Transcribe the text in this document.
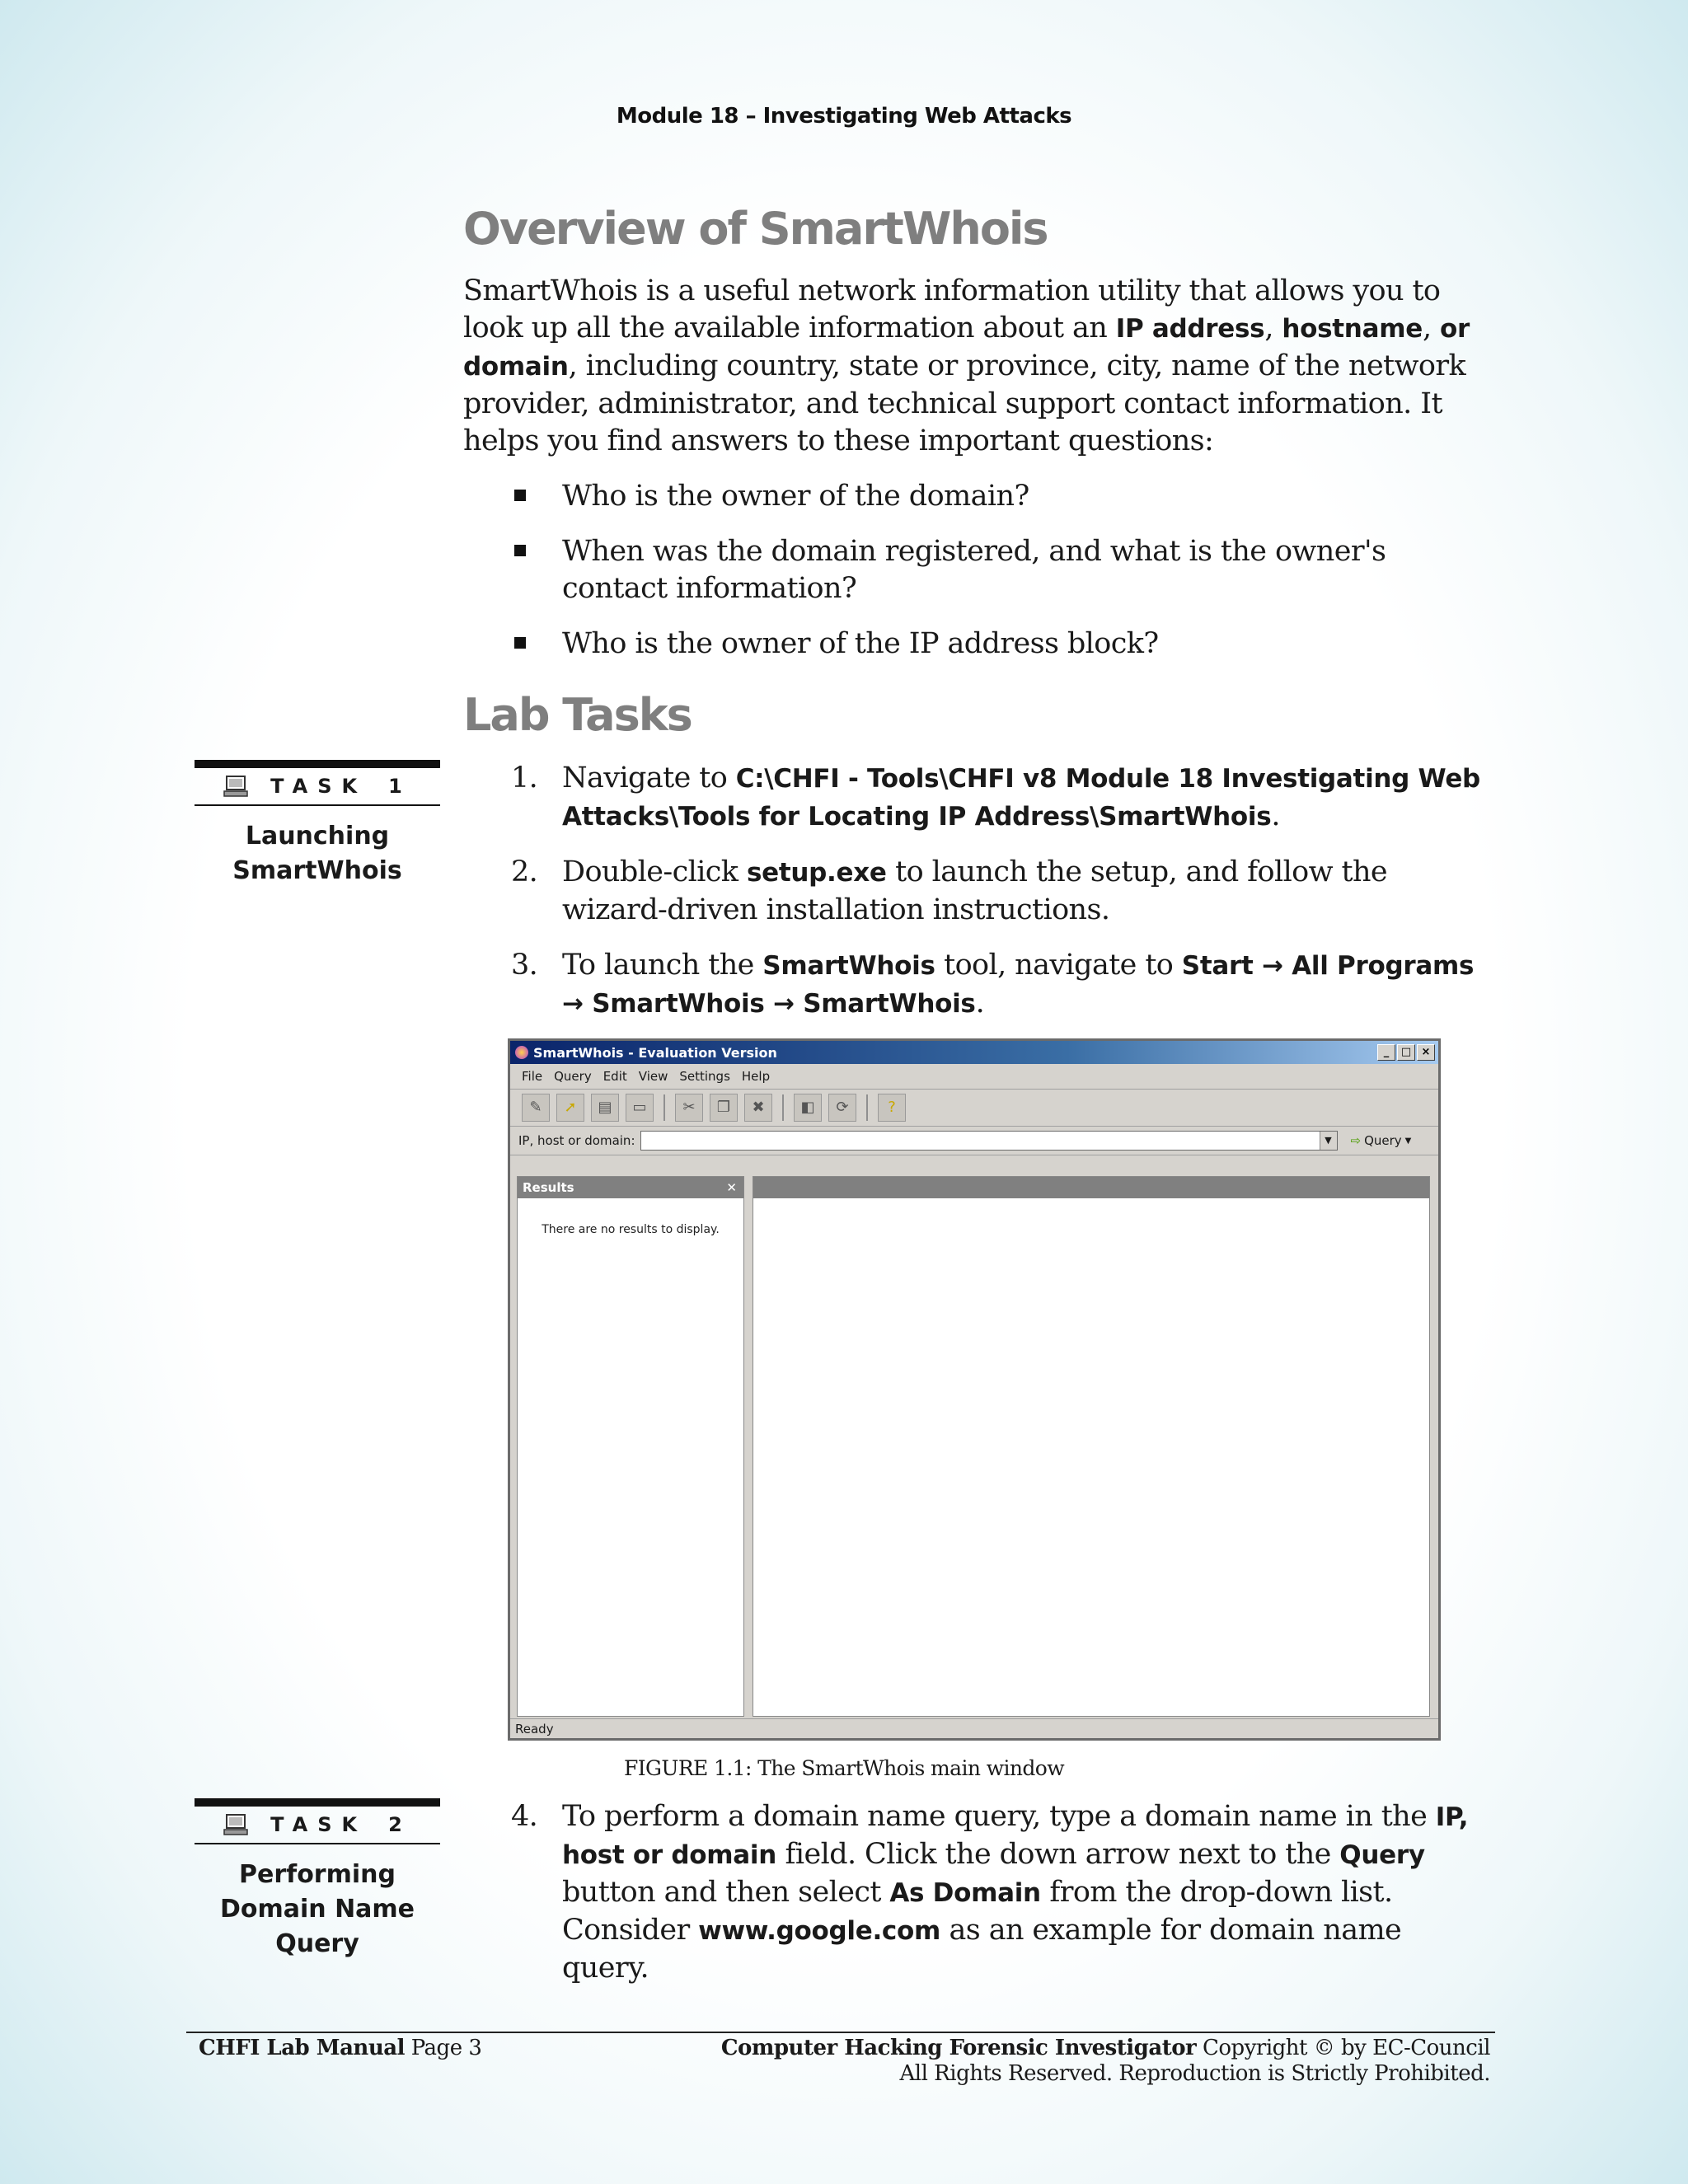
Module 18 – Investigating Web Attacks
Overview of SmartWhois
SmartWhois is a useful network information utility that allows you to look up all the available information about an IP address, hostname, or domain, including country, state or province, city, name of the network provider, administrator, and technical support contact information. It helps you find answers to these important questions:
Who is the owner of the domain?
When was the domain registered, and what is the owner's contact information?
Who is the owner of the IP address block?
Lab Tasks
TASK 1
Launching SmartWhois
1. Navigate to C:\CHFI - Tools\CHFI v8 Module 18 Investigating Web Attacks\Tools for Locating IP Address\SmartWhois.
2. Double-click setup.exe to launch the setup, and follow the wizard-driven installation instructions.
3. To launch the SmartWhois tool, navigate to Start → All Programs → SmartWhois → SmartWhois.
SmartWhois - Evaluation Version	_	□ ×
File Query Edit View Settings Help
✎	➚	▤	▭	✂	❐	✖	◧	⟳	?
IP, host or domain:	▼	⇨ Query ▼
Results	✕
There are no results to display.
Ready
FIGURE 1.1: The SmartWhois main window
TASK 2
Performing Domain Name Query
4. To perform a domain name query, type a domain name in the IP, host or domain field. Click the down arrow next to the Query button and then select As Domain from the drop-down list. Consider www.google.com as an example for domain name query.
CHFI Lab Manual Page 3	Computer Hacking Forensic Investigator Copyright © by EC-Council
All Rights Reserved. Reproduction is Strictly Prohibited.
